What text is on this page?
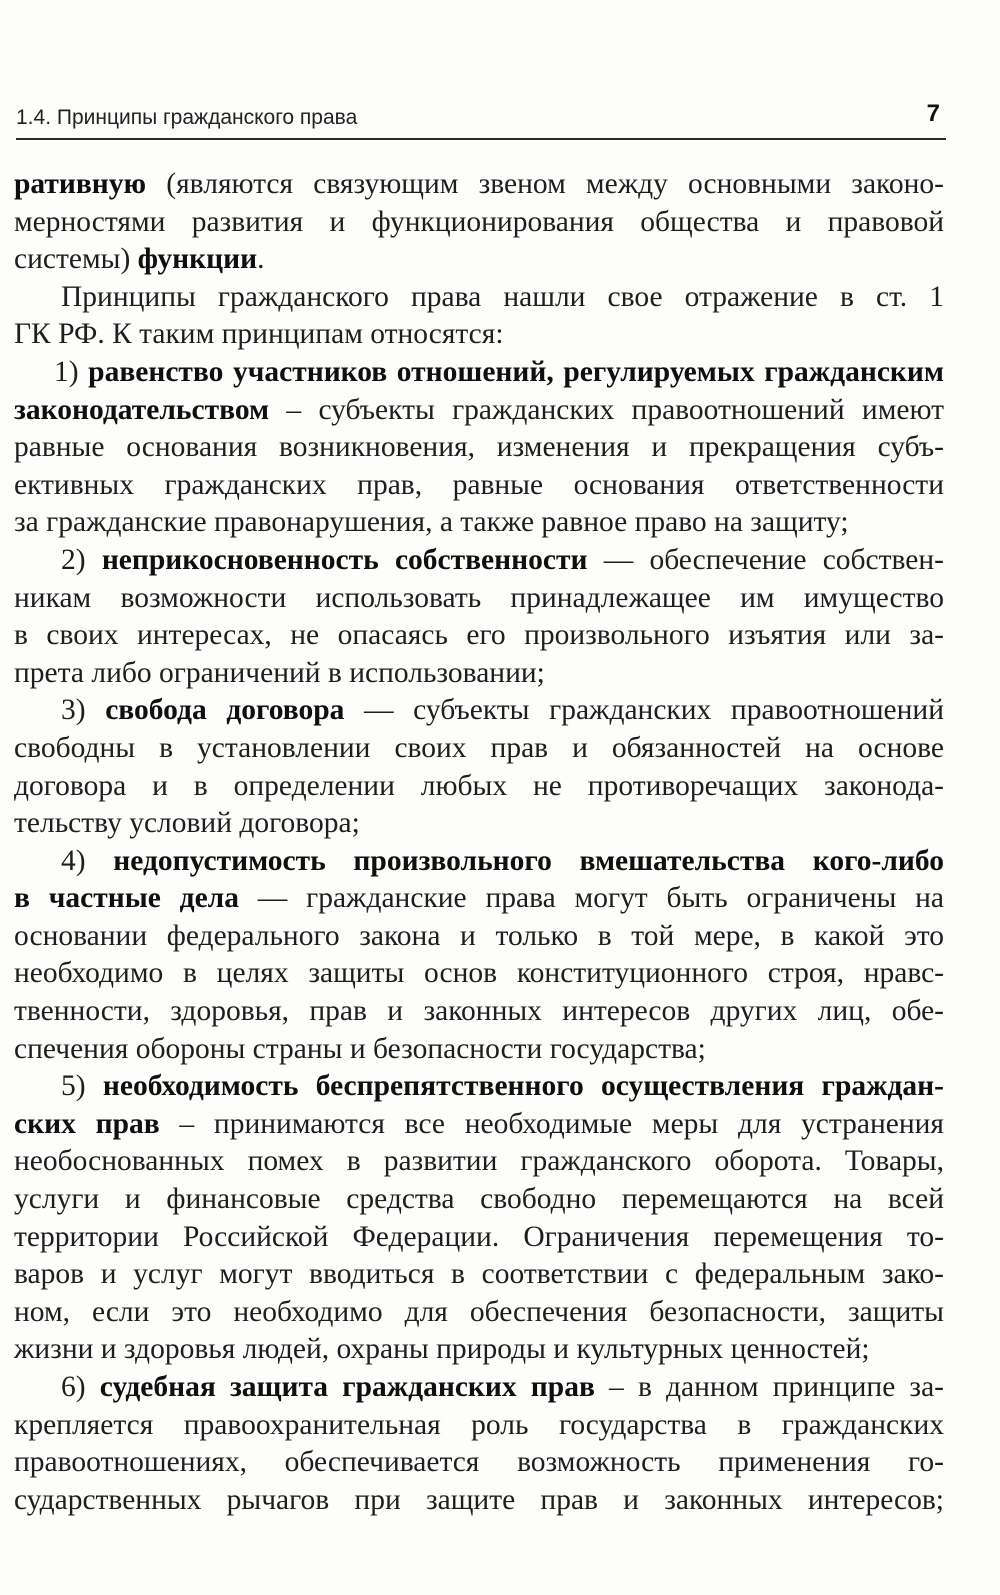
1.4. Принципы гражданского права	7

ративную (являются связующим звеном между основными законо-
мерностями развития и функционирования общества и правовой
системы) функции.

Принципы гражданского права нашли свое отражение в ст. 1
ГК РФ. К таким принципам относятся:

1) равенство участников отношений, регулируемых гражданским
законодательством – субъекты гражданских правоотношений имеют
равные основания возникновения, изменения и прекращения субъ-
ективных гражданских прав, равные основания ответственности
за гражданские правонарушения, а также равное право на защиту;

2) неприкосновенность собственности — обеспечение собствен-
никам возможности использовать принадлежащее им имущество
в своих интересах, не опасаясь его произвольного изъятия или за-
прета либо ограничений в использовании;

3) свобода договора — субъекты гражданских правоотношений
свободны в установлении своих прав и обязанностей на основе
договора и в определении любых не противоречащих законода-
тельству условий договора;

4) недопустимость произвольного вмешательства кого-либо
в частные дела — гражданские права могут быть ограничены на
основании федерального закона и только в той мере, в какой это
необходимо в целях защиты основ конституционного строя, нравс-
твенности, здоровья, прав и законных интересов других лиц, обе-
спечения обороны страны и безопасности государства;

5) необходимость беспрепятственного осуществления граждан-
ских прав – принимаются все необходимые меры для устранения
необоснованных помех в развитии гражданского оборота. Товары,
услуги и финансовые средства свободно перемещаются на всей
территории Российской Федерации. Ограничения перемещения то-
варов и услуг могут вводиться в соответствии с федеральным зако-
ном, если это необходимо для обеспечения безопасности, защиты
жизни и здоровья людей, охраны природы и культурных ценностей;

6) судебная защита гражданских прав – в данном принципе за-
крепляется правоохранительная роль государства в гражданских
правоотношениях, обеспечивается возможность применения го-
сударственных рычагов при защите прав и законных интересов;
